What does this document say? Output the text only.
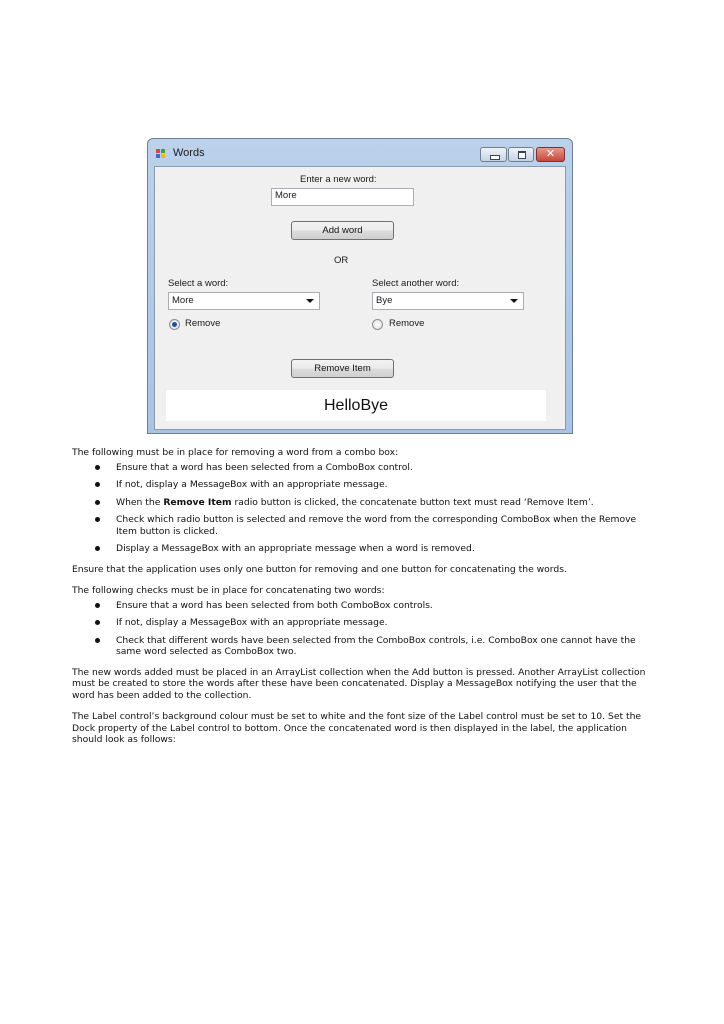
Words	✕
Enter a new word:
More
Add word
OR
Select a word:
More
Select another word:
Bye
Remove	Remove
Remove Item
HelloBye

The following must be in place for removing a word from a combo box:

Ensure that a word has been selected from a ComboBox control.
If not, display a MessageBox with an appropriate message.
When the Remove Item radio button is clicked, the concatenate button text must read ‘Remove Item’.
Check which radio button is selected and remove the word from the corresponding ComboBox when the Remove Item button is clicked.
Display a MessageBox with an appropriate message when a word is removed.

Ensure that the application uses only one button for removing and one button for concatenating the words.

The following checks must be in place for concatenating two words:

Ensure that a word has been selected from both ComboBox controls.
If not, display a MessageBox with an appropriate message.
Check that different words have been selected from the ComboBox controls, i.e. ComboBox one cannot have the same word selected as ComboBox two.

The new words added must be placed in an ArrayList collection when the Add button is pressed. Another ArrayList collection must be created to store the words after these have been concatenated. Display a MessageBox notifying the user that the word has been added to the collection.

The Label control’s background colour must be set to white and the font size of the Label control must be set to 10. Set the Dock property of the Label control to bottom. Once the concatenated word is then displayed in the label, the application should look as follows:
